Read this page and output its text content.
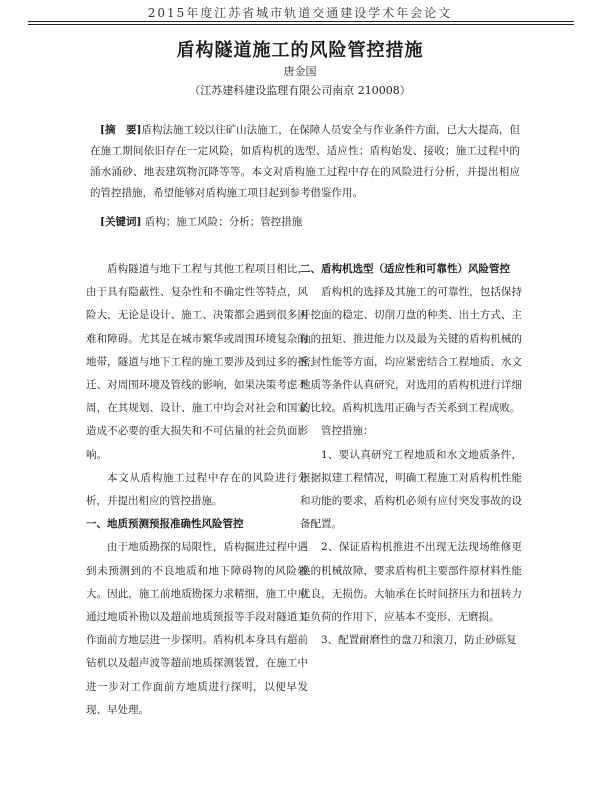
2015年度江苏省城市轨道交通建设学术年会论文
盾构隧道施工的风险管控措施
唐金国
（江苏建科建设监理有限公司南京 210008）
[摘　要]盾构法施工较以往矿山法施工，在保障人员安全与作业条件方面，已大大提高，但在施工期间依旧存在一定风险，如盾构机的选型、适应性；盾构始发、接收；施工过程中的涌水涌砂、地表建筑物沉降等等。本文对盾构施工过程中存在的风险进行分析，并提出相应的管控措施，希望能够对盾构施工项目起到参考借鉴作用。
[关键词] 盾构；施工风险；分析；管控措施

盾构隧道与地下工程与其他工程项目相比，由于具有隐蔽性、复杂性和不确定性等特点，风险大，无论是设计、施工、决策都会遇到很多困难和障碍。尤其是在城市繁华或周围环境复杂的地带，隧道与地下工程的施工要涉及到过多的拆迁、对周围环境及管线的影响，如果决策考虑不周，在其规划、设计、施工中均会对社会和国家造成不必要的重大损失和不可估量的社会负面影响。

本文从盾构施工过程中存在的风险进行分析，并提出相应的管控措施。

一、地质预测预报准确性风险管控

由于地质勘探的局限性，盾构掘进过程中遇到未预测到的不良地质和地下障碍物的风险较大。因此，施工前地质勘探力求精细，施工中应通过地质补勘以及超前地质预报等手段对隧道工作面前方地层进一步探明。盾构机本身具有超前钻机以及超声波等超前地质探测装置，在施工中进一步对工作面前方地质进行探明，以便早发现、早处理。

二、盾构机选型（适应性和可靠性）风险管控

盾构机的选择及其施工的可靠性，包括保持开挖面的稳定、切削刀盘的种类、出土方式、主轴的扭矩、推进能力以及最为关键的盾构机械的密封性能等方面，均应紧密结合工程地质、水文地质等条件认真研究，对选用的盾构机进行详细的比较。盾构机选用正确与否关系到工程成败。

管控措施：

1、要认真研究工程地质和水文地质条件，根据拟建工程情况，明确工程施工对盾构机性能和功能的要求，盾构机必须有应付突发事故的设备配置。

2、保证盾构机推进不出现无法现场维修更换的机械故障，要求盾构机主要部件原材料性能优良，无损伤。大轴承在长时间挤压力和扭转力矩负荷的作用下，应基本不变形、无磨损。

3、配置耐磨性的盘刀和滚刀，防止砂砾复
